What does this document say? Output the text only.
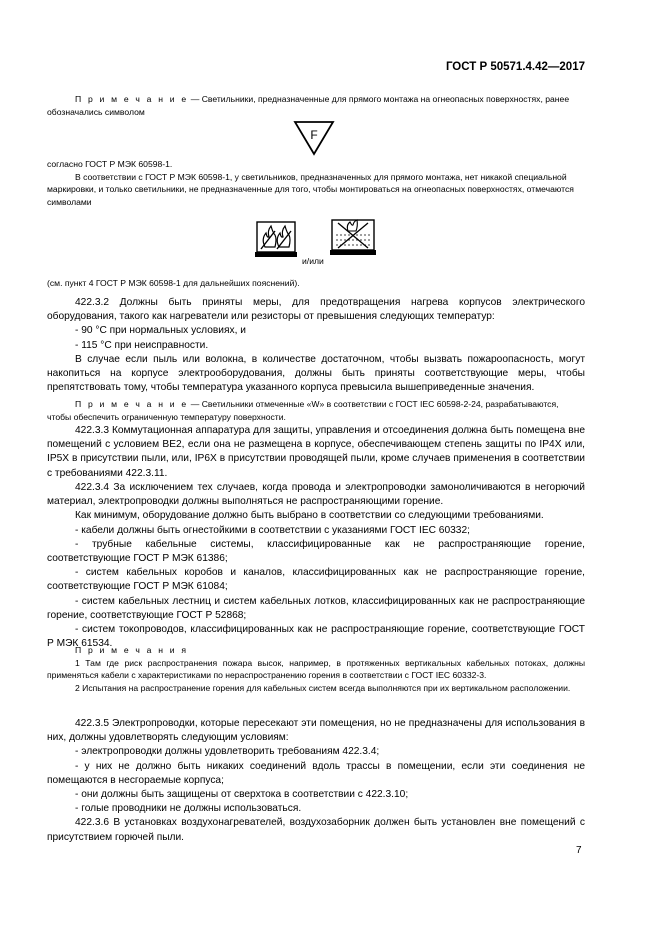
ГОСТ Р 50571.4.42—2017

П р и м е ч а н и е — Светильники, предназначенные для прямого монтажа на огнеопасных поверхностях, ранее обозначались символом

F

согласно ГОСТ Р МЭК 60598-1.

В соответствии с ГОСТ Р МЭК 60598-1, у светильников, предназначенных для прямого монтажа, нет никакой специальной маркировки, и только светильники, не предназначенные для того, чтобы монтироваться на огнеопасных поверхностях, отмечаются символами

и/или
(см. пункт 4 ГОСТ Р МЭК 60598-1 для дальнейших пояснений).

422.3.2 Должны быть приняты меры, для предотвращения нагрева корпусов электрического оборудования, такого как нагреватели или резисторы от превышения следующих температур:

- 90 °С при нормальных условиях, и

- 115 °С при неисправности.

В случае если пыль или волокна, в количестве достаточном, чтобы вызвать пожароопасность, могут накопиться на корпусе электрооборудования, должны быть приняты соответствующие меры, чтобы препятствовать тому, чтобы температура указанного корпуса превысила вышеприведенные значения.

П р и м е ч а н и е — Светильники отмеченные «W» в соответствии с ГОСТ IEC 60598-2-24, разрабатываются, чтобы обеспечить ограниченную температуру поверхности.

422.3.3 Коммутационная аппаратура для защиты, управления и отсоединения должна быть помещена вне помещений с условием BE2, если она не размещена в корпусе, обеспечивающем степень защиты по IP4X или, IP5X в присутствии пыли, или, IP6X в присутствии проводящей пыли, кроме случаев применения в соответствии с требованиями 422.3.11.

422.3.4 За исключением тех случаев, когда провода и электропроводки замоноличиваются в негорючий материал, электропроводки должны выполняться не распространяющими горение.

Как минимум, оборудование должно быть выбрано в соответствии со следующими требованиями.

- кабели должны быть огнестойкими в соответствии с указаниями ГОСТ IEC 60332;

- трубные кабельные системы, классифицированные как не распространяющие горение, соответствующие ГОСТ Р МЭК 61386;

- систем кабельных коробов и каналов, классифицированных как не распространяющие горение, соответствующие ГОСТ Р МЭК 61084;

- систем кабельных лестниц и систем кабельных лотков, классифицированных как не распространяющие горение, соответствующие ГОСТ Р 52868;

- систем токопроводов, классифицированных как не распространяющие горение, соответствующие ГОСТ Р МЭК 61534.

П р и м е ч а н и я

1 Там где риск распространения пожара высок, например, в протяженных вертикальных кабельных потоках, должны применяться кабели с характеристиками по нераспространению горения в соответствии с ГОСТ IEC 60332-3.

2 Испытания на распространение горения для кабельных систем всегда выполняются при их вертикальном расположении.

422.3.5 Электропроводки, которые пересекают эти помещения, но не предназначены для использования в них, должны удовлетворять следующим условиям:

- электропроводки должны удовлетворить требованиям 422.3.4;

- у них не должно быть никаких соединений вдоль трассы в помещении, если эти соединения не помещаются в несгораемые корпуса;

- они должны быть защищены от сверхтока в соответствии с 422.3.10;

- голые проводники не должны использоваться.

422.3.6 В установках воздухонагревателей, воздухозаборник должен быть установлен вне помещений с присутствием горючей пыли.

7
